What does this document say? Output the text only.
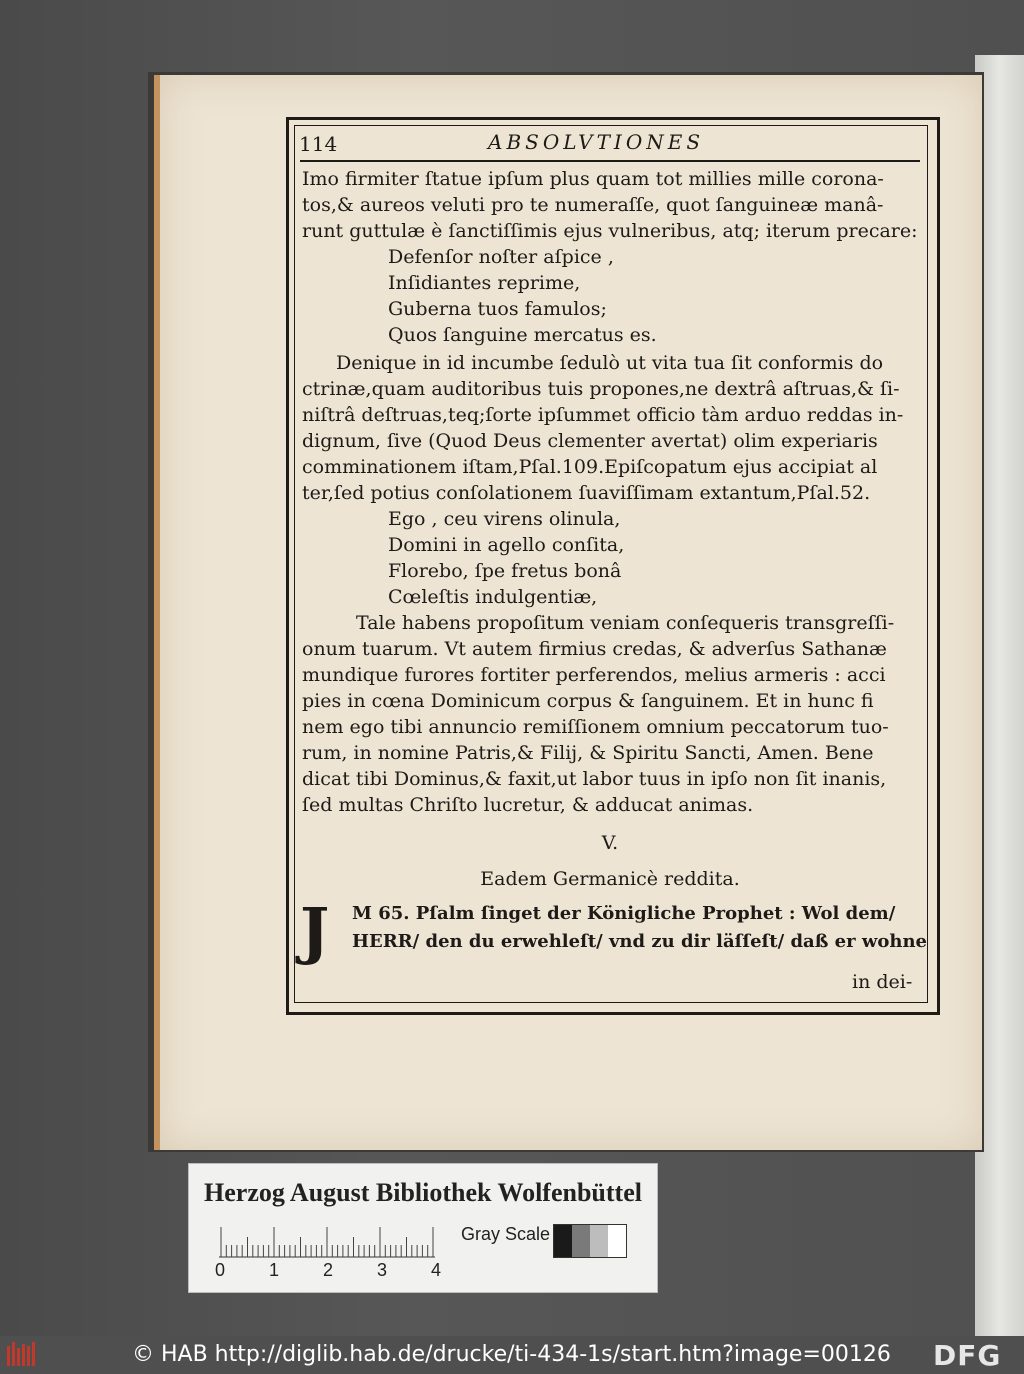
114	ABSOLVTIONES
Imo firmiter ſtatue ipſum plus quam tot millies mille corona-
tos,& aureos veluti pro te numeraſſe, quot ſanguineæ manâ-
runt guttulæ è ſanctiſſimis ejus vulneribus, atq; iterum precare:
Defenſor noſter aſpice ,
Inſidiantes reprime,
Guberna tuos famulos;
Quos ſanguine mercatus es.
Denique in id incumbe ſedulò ut vita tua ſit conformis do
ctrinæ,quam auditoribus tuis propones,ne dextrâ aſtruas,& ſi-
niſtrâ deſtruas,teq;ſorte ipſummet officio tàm arduo reddas in-
dignum, ſive (Quod Deus clementer avertat) olim experiaris
comminationem iſtam,Pſal.109.Epiſcopatum ejus accipiat al
ter,ſed potius conſolationem ſuaviſſimam extantum,Pſal.52.
Ego , ceu virens olinula,
Domini in agello conſita,
Florebo, ſpe fretus bonâ
Cœleſtis indulgentiæ,
Tale habens propoſitum veniam conſequeris transgreſſi-
onum tuarum. Vt autem firmius credas, & adverſus Sathanæ
mundique furores fortiter perferendos, melius armeris : acci
pies in cœna Dominicum corpus & ſanguinem. Et in hunc fi
nem ego tibi annuncio remiſſionem omnium peccatorum tuo-
rum, in nomine Patris,& Filij, & Spiritu Sancti, Amen. Bene
dicat tibi Dominus,& faxit,ut labor tuus in ipſo non ſit inanis,
ſed multas Chriſto lucretur, & adducat animas.
V.
Eadem Germanicè reddita.
J	M 65. Pſalm ſinget der Königliche Prophet : Wol dem/
HERR/ den du erwehleſt/ vnd zu dir läſſeſt/ daß er wohne
in dei-
Herzog August Bibliothek Wolfenbüttel
0 1 2 3 4
Gray Scale
© HAB http://diglib.hab.de/drucke/ti-434-1s/start.htm?image=00126 DFG
